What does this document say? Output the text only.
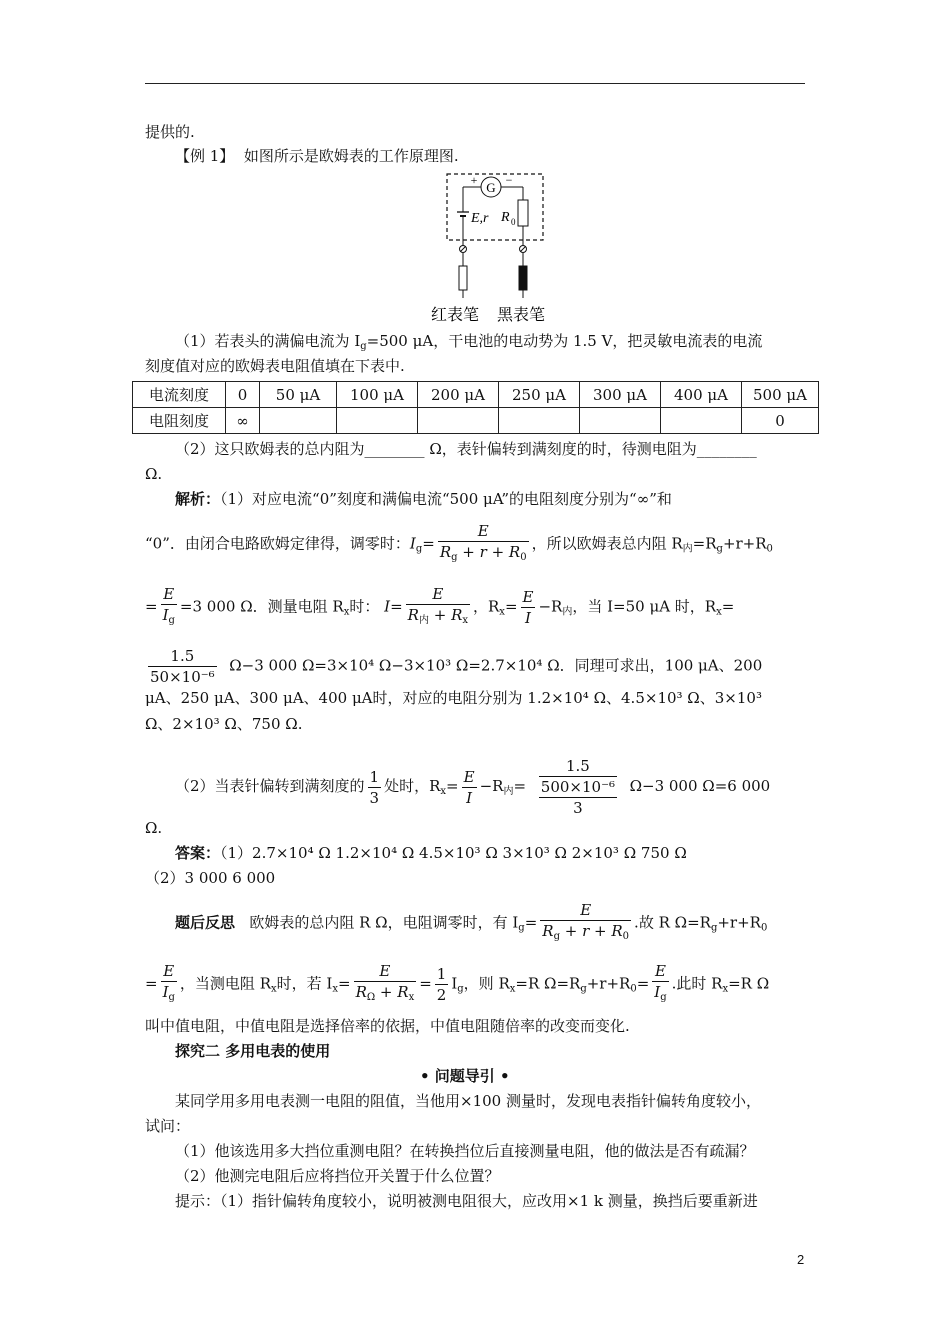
提供的.
【例 1】 如图所示是欧姆表的工作原理图.
G
+ −
E,r R 0
红表笔 黑表笔
（1）若表头的满偏电流为 $I_g=500$ μA，干电池的电动势为 1.5 V，把灵敏电流表的电流
刻度值对应的欧姆表电阻值填在下表中.
电流刻度	0	50 μA	100 μA	200 μA	250 μA	300 μA	400 μA	500 μA
电阻刻度	∞							0
（2）这只欧姆表的总内阻为________ Ω，表针偏转到满刻度的时，待测电阻为________
Ω.
解析：（1）对应电流“0”刻度和满偏电流“500 μA”的电阻刻度分别为“∞”和
“0”．由闭合电路欧姆定律得，调零时：$I_g= \frac{E}{R_g + r + R_0}$ ，所以欧姆表总内阻 $R_内=R_g+r+R_0$
= $\frac{E}{I_g} =3$ 000 Ω．测量电阻 $R_x$时： $I= \frac{E}{R_内 + R_x}$ ，$R_x= \frac{E}{I} -R_内$，当 I=50 μA 时，$R_x=$
$\frac{1.5}{\text{50×10⁻⁶}} \Omega-3$ 000 Ω=3×10⁴ Ω−3×10³ Ω=2.7×10⁴ Ω．同理可求出，100 μA、200
μA、250 μA、300 μA、400 μA时，对应的电阻分别为 1.2×10⁴ Ω、4.5×10³ Ω、3×10³
Ω、2×10³ Ω、750 Ω.
（2）当表针偏转到满刻度的 $\frac{1}{3}$ 处时，$R_x= \frac{E}{I} -R_内=$
1.5
500×10⁻⁶
3
Ω−3 000 Ω=6 000
Ω.
答案：（1）2.7×10⁴ Ω 1.2×10⁴ Ω 4.5×10³ Ω 3×10³ Ω 2×10³ Ω 750 Ω
（2）3 000 6 000
题后反思 欧姆表的总内阻 R Ω，电阻调零时，有 $I_g= \frac{E}{R_g + r + R_0}$ .故 R $\Omega=R_g+r+R_0$
= $\frac{E}{I_g}$ ，当测电阻 $R_x$时，若 $I_x= \frac{E}{R_\Omega + R_x} = \frac{1}{2} I_g$，则 $R_x=R$ $\Omega=R_g+r+R_0= \frac{E}{I_g}$ .此时 $R_x=R$ Ω
叫中值电阻，中值电阻是选择倍率的依据，中值电阻随倍率的改变而变化.
探究二 多用电表的使用
• 问题导引 •
某同学用多用电表测一电阻的阻值，当他用×100 测量时，发现电表指针偏转角度较小，
试问：
（1）他该选用多大挡位重测电阻？在转换挡位后直接测量电阻，他的做法是否有疏漏？
（2）他测完电阻后应将挡位开关置于什么位置？
提示：（1）指针偏转角度较小，说明被测电阻很大，应改用×1 k 测量，换挡后要重新进
2
